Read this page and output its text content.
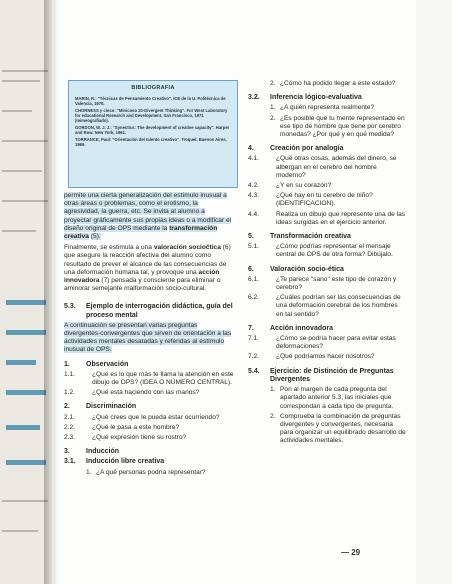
BIBLIOGRAFIA

MARIN, R.: "Técnicas de Pensamiento Creativo". ICE de la U. Politécnica de Valencia, 1975.

CHORNESS y cinco: "Minicoso 20-Divergent Thinking". For West Laboratory for educational Research and Development. San Francisco, 1971 (mimeografiado).

GORDON, W. J. J.: "Synectics: The development of creative capacity". Harper and Row. New York, 1961.

TORRANCE, Paul: "Orientación del talento creativo". Troquel. Buenos Aires, 1969.

permite una cierta generalización del estímulo inusual a otras áreas o problemas, como el erotismo, la agresividad, la guerra, etc. Se invita al alumno a proyectar gráficamente sus propias ideas o a modificar el diseño original de OPS mediante la transformación creativa (5).
Finalmente, se estimula a una valoración sociočtica (6) que asegure la reacción afectiva del alumno como resultado de prever el alcance de las consecuencias de una deformación humana tal, y provoque una acción innovadora (7) pensada y consciente para eliminar o aminorar semejante malformación socio-cultural.
5.3.	Ejemplo de interrogación didáctica, guía del proceso mental
A continuación se presentan varias preguntas divergentes-convergentes que sirven de orientación a las actividades mentales desatadas y referidas al estímulo inusual de OPS.
1.	Observación
1.1.	¿Qué es lo que más te llama la atención en este dibujo de OPS? (IDEA O NÚMERO CENTRAL).
1.2.	¿Qué está haciendo con las manos?
2.	Discriminación
2.1.	¿Qué crees que le pueda estar ocurriendo?
2.2.	¿Qué le pasa a este hombre?
2.3.	¿Qué expresión tiene su rostro?
3.	Inducción
3.1.	Inducción libre creativa
1. ¿A qué personas podría representar?
2. ¿Cómo ha podido llegar a este estado?
3.2.	Inferencia lógico-evaluativa
1. ¿A quién representa realmente?
2. ¿Es posible que tu mente representado en ese tipo de hombre que tiene por cerebro monedas? ¿Por qué y en qué medida?
4.	Creación por analogía
4.1.	¿Qué otras cosas, además del dinero, se albergan en el cerebro del hombre moderno?
4.2.	¿Y en su corazón?
4.3.	¿Qué hay en tu cerebro de niño? (IDENTIFICACION).
4.4.	Realiza un dibujo que represente una de las ideas surgidas en el ejercicio anterior.
5.	Transformación creativa
5.1.	¿Cómo podrías representar el mensaje central de OPS de otra forma? Dibújalo.
6.	Valoración socio-ética
6.1.	¿Te parece "sano" este tipo de corazón y cerebro?
6.2.	¿Cuáles podrían ser las consecuencias de una deformación cerebral de los hombres en tal sentido?
7.	Acción innovadora
7.1.	¿Cómo se podría hacer para evitar estas deformaciones?
7.2.	¿Qué podríamos hacer nosotros?
5.4.	Ejercicio: de Distinción de Preguntas Divergentes
1. Pon al margen de cada pregunta del apartado anterior 5.3, las iniciales que correspondan a cada tipo de pregunta.
2. Comprueba la combinación de preguntas divergentes y convergentes, necesaria para organizar un equilibrado desarrollo de actividades mentales.
— 29
